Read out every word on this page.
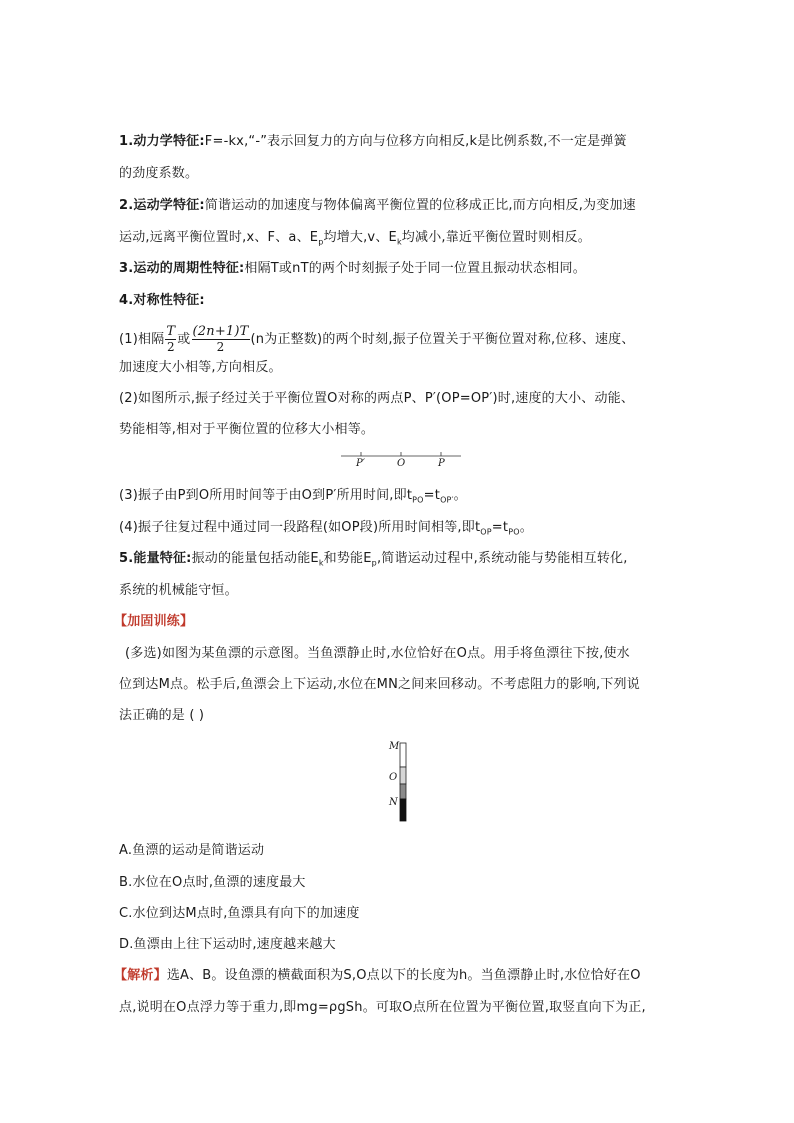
1.动力学特征:F=-kx,“-”表示回复力的方向与位移方向相反,k是比例系数,不一定是弹簧
的劲度系数。
2.运动学特征:简谐运动的加速度与物体偏离平衡位置的位移成正比,而方向相反,为变加速
运动,远离平衡位置时,x、F、a、$E_p$均增大,v、$E_k$均减小,靠近平衡位置时则相反。
3.运动的周期性特征:相隔T或nT的两个时刻振子处于同一位置且振动状态相同。
4.对称性特征:
(1)相隔 $\frac{T}{2}$ 或 $\frac{(2n+1)T}{2} (n$为正整数)的两个时刻,振子位置关于平衡位置对称,位移、速度、
加速度大小相等,方向相反。
(2)如图所示,振子经过关于平衡位置O对称的两点P、P′(OP=OP′)时,速度的大小、动能、
势能相等,相对于平衡位置的位移大小相等。
P′	O	P
(3)振子由P到O所用时间等于由O到P′所用时间,即$t_{PO}=t_{OP'}$。
(4)振子往复过程中通过同一段路程(如OP段)所用时间相等,即$t_{OP}=t_{PO}$。
5.能量特征:振动的能量包括动能$E_k$和势能$E_p$,简谐运动过程中,系统动能与势能相互转化,
系统的机械能守恒。
【加固训练】
(多选)如图为某鱼漂的示意图。当鱼漂静止时,水位恰好在O点。用手将鱼漂往下按,使水
位到达M点。松手后,鱼漂会上下运动,水位在MN之间来回移动。不考虑阻力的影响,下列说
法正确的是 ( )
M
O
N
A.鱼漂的运动是简谐运动
B.水位在O点时,鱼漂的速度最大
C.水位到达M点时,鱼漂具有向下的加速度
D.鱼漂由上往下运动时,速度越来越大
【解析】选A、B。设鱼漂的横截面积为S,O点以下的长度为h。当鱼漂静止时,水位恰好在O
点,说明在O点浮力等于重力,即mg=ρgSh。可取O点所在位置为平衡位置,取竖直向下为正,
